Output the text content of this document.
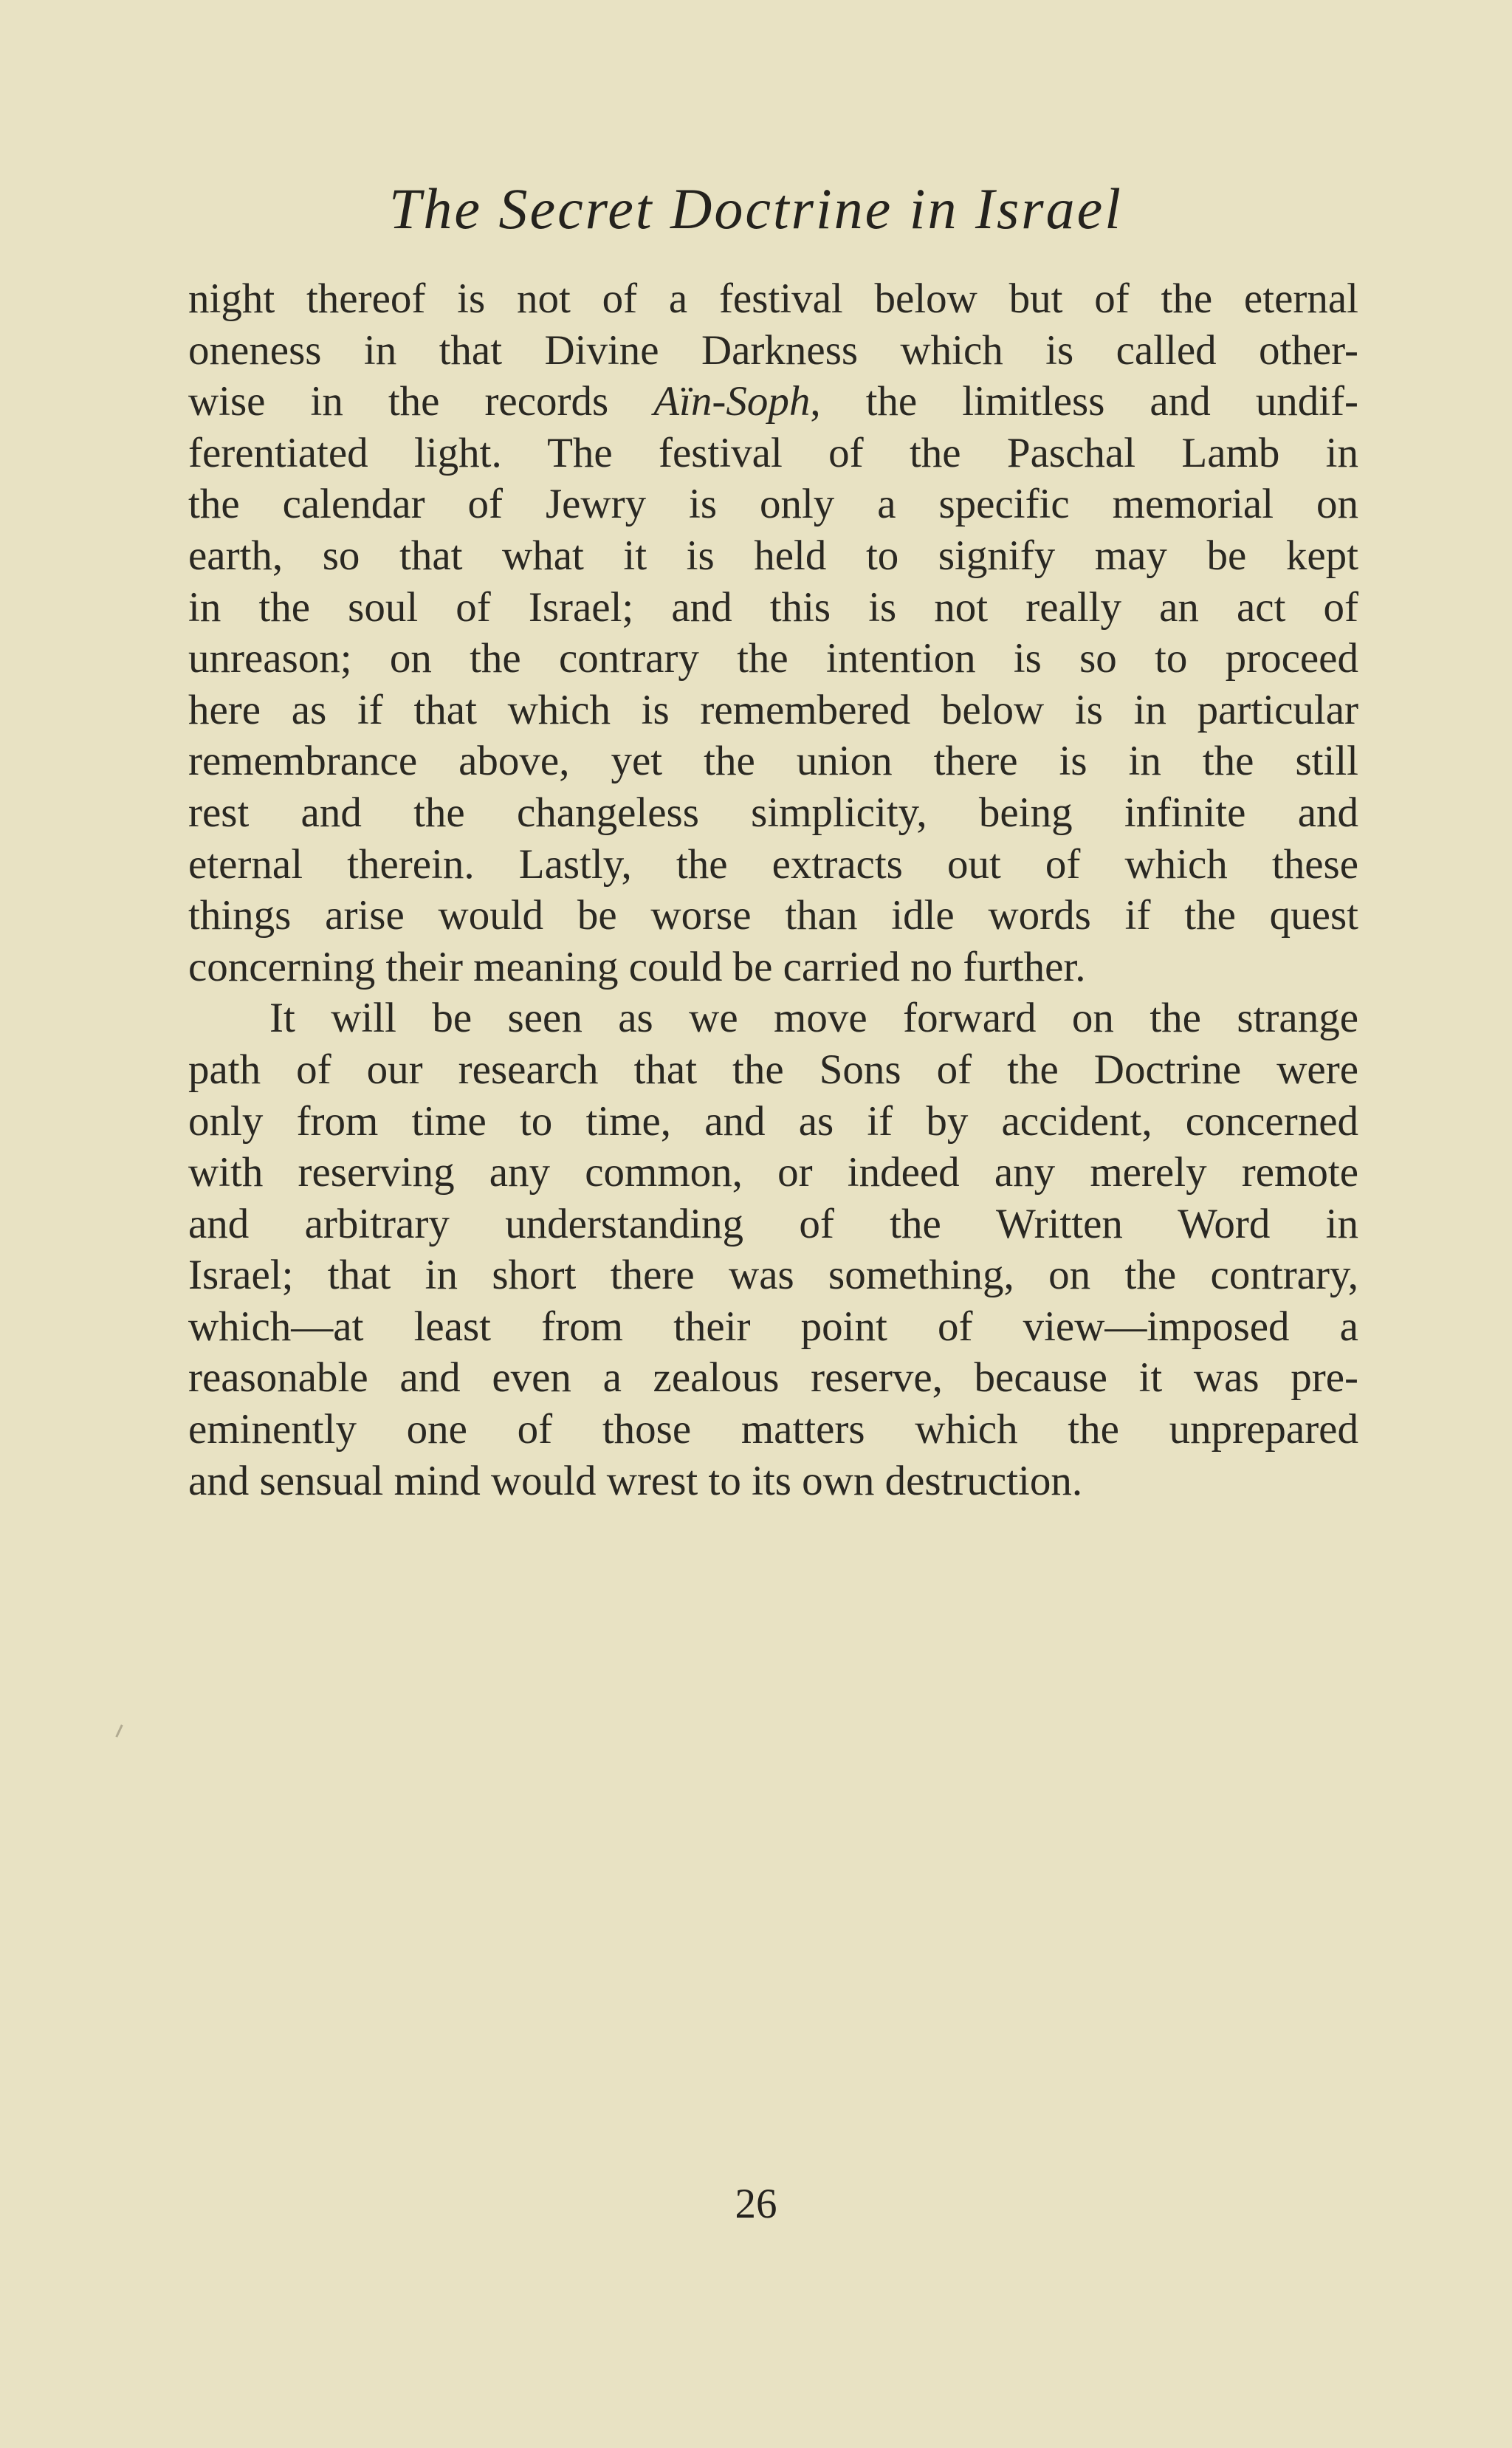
The Secret Doctrine in Israel
night thereof is not of a festival below but of the eternal
oneness in that Divine Darkness which is called other-
wise in the records Aïn-Soph, the limitless and undif-
ferentiated light. The festival of the Paschal Lamb in
the calendar of Jewry is only a specific memorial on
earth, so that what it is held to signify may be kept
in the soul of Israel; and this is not really an act of
unreason; on the contrary the intention is so to proceed
here as if that which is remembered below is in particular
remembrance above, yet the union there is in the still
rest and the changeless simplicity, being infinite and
eternal therein. Lastly, the extracts out of which these
things arise would be worse than idle words if the quest
concerning their meaning could be carried no further.
It will be seen as we move forward on the strange
path of our research that the Sons of the Doctrine were
only from time to time, and as if by accident, concerned
with reserving any common, or indeed any merely remote
and arbitrary understanding of the Written Word in
Israel; that in short there was something, on the contrary,
which—at least from their point of view—imposed a
reasonable and even a zealous reserve, because it was pre-
eminently one of those matters which the unprepared
and sensual mind would wrest to its own destruction.
26
